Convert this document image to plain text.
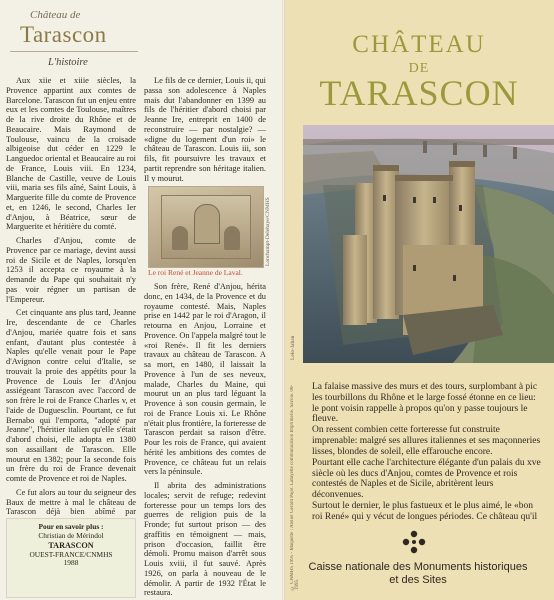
Château de
Tarascon
L'histoire

Aux xiie et xiiie siècles, la Provence appartint aux comtes de Barcelone. Tarascon fut un enjeu entre eux et les comtes de Toulouse, maîtres de la rive droite du Rhône et de Beaucaire. Mais Raymond de Toulouse, vaincu de la croisade albigeoise dut céder en 1229 le Languedoc oriental et Beaucaire au roi de France, Louis viii. En 1234, Blanche de Castille, veuve de Louis viii, maria ses fils aîné, Saint Louis, à Marguerite fille du comte de Provence et, en 1246, le second, Charles Ier d'Anjou, à Béatrice, sœur de Marguerite et héritière du comté.

Charles d'Anjou, comte de Provence par ce mariage, devint aussi roi de Sicile et de Naples, lorsqu'en 1253 il accepta ce royaume à la demande du Pape qui souhaitait n'y pas voir régner un partisan de l'Empereur.

Cet cinquante ans plus tard, Jeanne Ire, descendante de ce Charles d'Anjou, mariée quatre fois et sans enfant, d'autant plus contestée à Naples qu'elle venait pour le Pape d'Avignon contre celui d'Italie, se trouvait la proie des appétits pour la Provence de Louis Ier d'Anjou assiégeant Tarascon avec l'accord de son frère le roi de France Charles v, et l'aide de Duguesclin. Pourtant, ce fut Bernabo qui l'emporta, "adopté par Jeanne", l'héritier italien qu'elle s'était d'abord choisi, elle adopta en 1380 son assaillant de Tarascon. Elle mourut en 1382; pour la seconde fois un frère du roi de France devenait comte de Provence et roi de Naples.

Ce fut alors au tour du seigneur des Baux de mettre à mal le château de Tarascon déjà bien abîmé par

Pour en savoir plus :
Christian de Mérindol
TARASCON
OUEST-FRANCE/CNMHS
1988

Le fils de ce dernier, Louis ii, qui passa son adolescence à Naples mais dut l'abandonner en 1399 au fils de l'héritier d'abord choisi par Jeanne Ire, entreprit en 1400 de reconstruire — par nostalgie? — «digne du logement d'un roi» le château de Tarascon. Louis iii, son fils, fit poursuivre les travaux et partit reprendre son héritage italien. Il y mourut.

Lonchampt-Delehaye/CNMHS
Le roi René et Jeanne de Laval.

Son frère, René d'Anjou, hérita donc, en 1434, de la Provence et du royaume contesté. Mais, Naples prise en 1442 par le roi d'Aragon, il retourna en Anjou, Lorraine et Provence. On l'appela malgré tout le «roi René». Il fit les derniers travaux au château de Tarascon. A sa mort, en 1480, il laissait la Provence à l'un de ses neveux, malade, Charles du Maine, qui mourut un an plus tard léguant la Provence à son cousin germain, le roi de France Louis xi. Le Rhône n'était plus frontière, la forteresse de Tarascon perdait sa raison d'être. Pour les rois de France, qui avaient hérité les ambitions des comtes de Provence, ce château fut un relais vers la péninsule.

Il abrita des administrations locales; servit de refuge; redevint forteresse pour un temps lors des guerres de religion puis de la Fronde; fut surtout prison — des graffitis en témoignent — mais, prison d'occasion, faillit être démoli. Promu maison d'arrêt sous Louis xviii, il fut sauvé. Après 1926, on parla à nouveau de le démolir. A partir de 1932 l'État le restaura.

CHÂTEAU
DE
TARASCON
Lelo-Jahan
© CNMHS 1995 - Maquette : Atelier Gérard Pajot. Lafayette communication Imprimerie. Savoie. 08-1995.

La falaise massive des murs et des tours, surplombant à pic les tourbillons du Rhône et le large fossé étonne en ce lieu: le pont voisin rappelle à propos qu'on y passe toujours le fleuve.

On ressent combien cette forteresse fut construite imprenable: malgré ses allures italiennes et ses maçonneries lisses, blondes de soleil, elle effarouche encore.

Pourtant elle cache l'architecture élégante d'un palais du xve siècle où les ducs d'Anjou, comtes de Provence et rois contestés de Naples et de Sicile, abritèrent leurs déconvenues.

Surtout le dernier, le plus fastueux et le plus aimé, le «bon roi René» qui y vécut de longues périodes. Ce château qu'il

Caisse nationale des Monuments historiques
et des Sites
